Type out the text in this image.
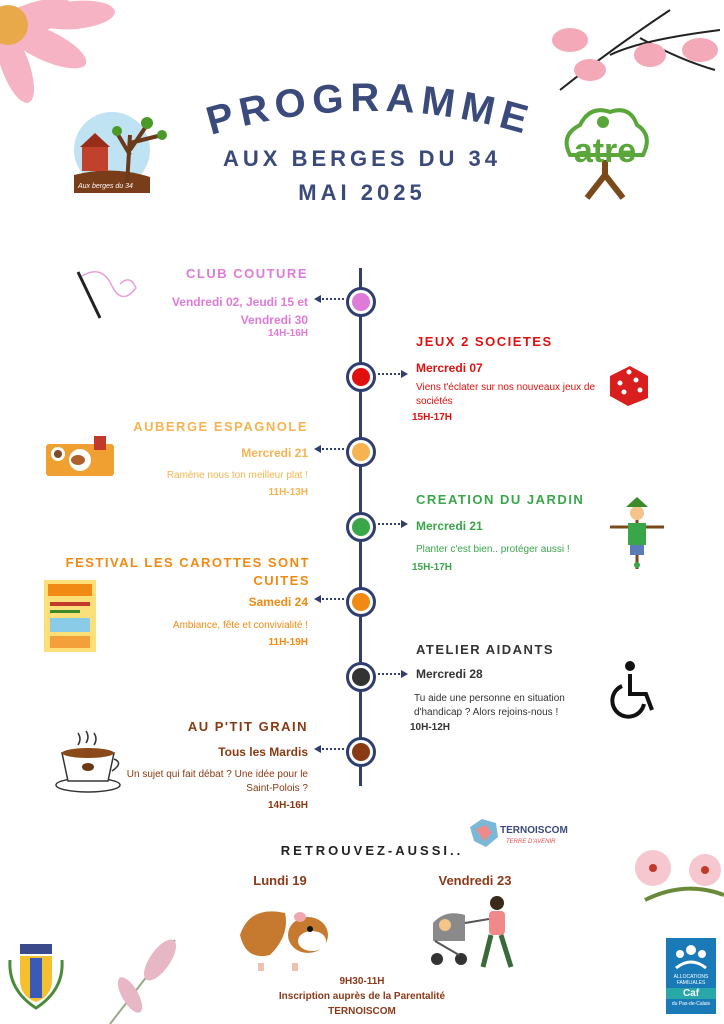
PROGRAMME
AUX BERGES DU 34
MAI 2025
Aux berges du 34
atre
CLUB COUTURE
Vendredi 02, Jeudi 15 et Vendredi 30
14H-16H
JEUX 2 SOCIETES
Mercredi 07
Viens t'éclater sur nos nouveaux jeux de sociétés
15H-17H
AUBERGE ESPAGNOLE
Mercredi 21
Ramène nous ton meilleur plat !
11H-13H	CREATION DU JARDIN
Mercredi 21
Planter c'est bien.. protéger aussi !
15H-17H
FESTIVAL LES CAROTTES SONT CUITES
Samedi 24
Ambiance, fête et convivialité !
11H-19H	ATELIER AIDANTS
Mercredi 28
Tu aide une personne en situation d'handicap ? Alors rejoins-nous !
10H-12H
AU P'TIT GRAIN
Tous les Mardis
Un sujet qui fait débat ? Une idée pour le Saint-Polois ?
14H-16H
TERNOISCOM
TERRE D'AVENIR
RETROUVEZ-AUSSI..
Lundi 19	Vendredi 23
9H30-11H
Inscription auprès de la Parentalité
TERNOISCOM
ALLOCATIONS FAMILIALES
Caf
du Pas-de-Calais
